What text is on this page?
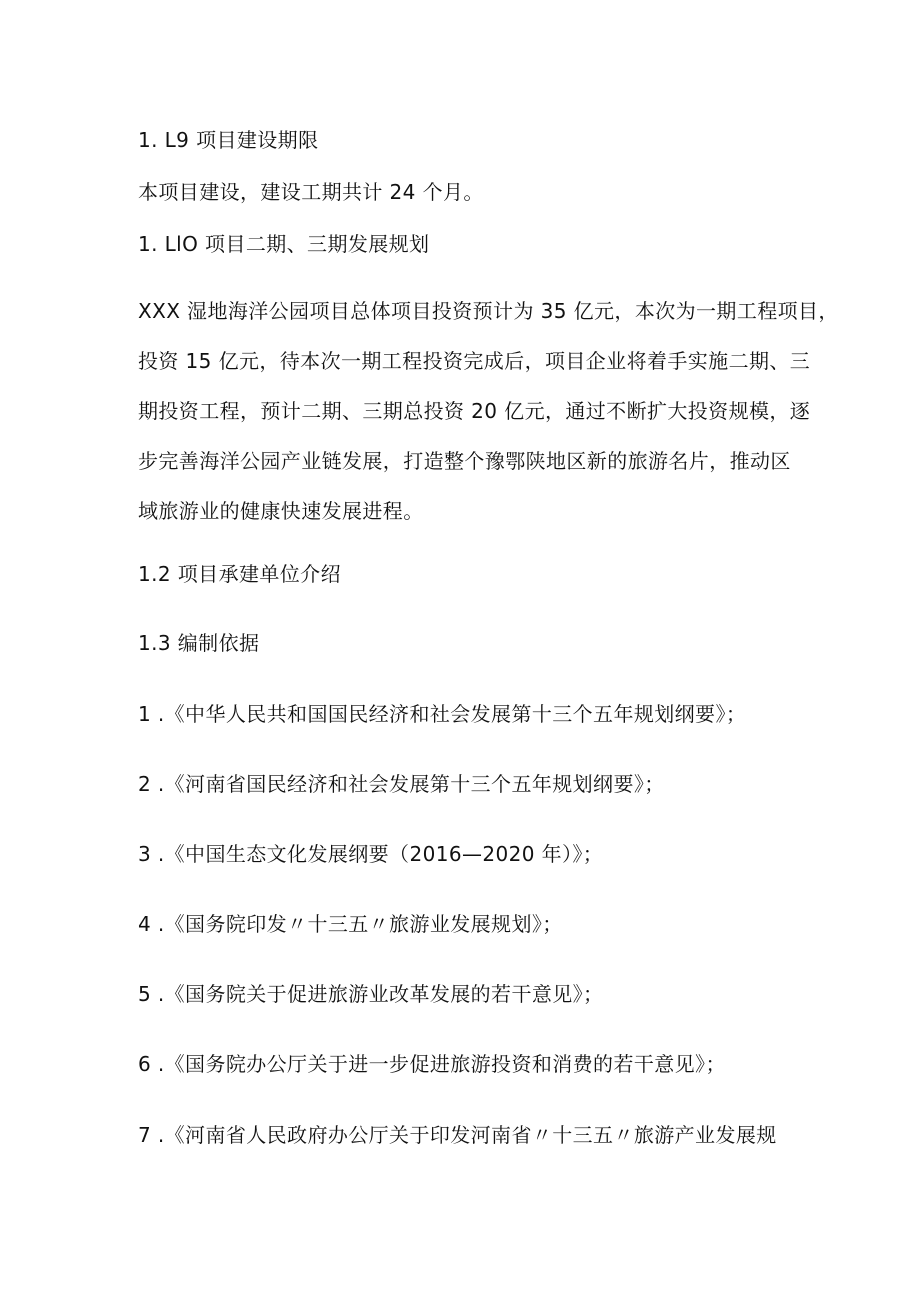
1. L9 项目建设期限

本项目建设，建设工期共计 24 个月。

1. LlO 项目二期、三期发展规划

XXX 湿地海洋公园项目总体项目投资预计为 35 亿元，本次为一期工程项目，
投资 15 亿元，待本次一期工程投资完成后，项目企业将着手实施二期、三
期投资工程，预计二期、三期总投资 20 亿元，通过不断扩大投资规模，逐
步完善海洋公园产业链发展，打造整个豫鄂陕地区新的旅游名片，推动区
域旅游业的健康快速发展进程。

1.2 项目承建单位介绍

1.3 编制依据

1 .《中华人民共和国国民经济和社会发展第十三个五年规划纲要》；

2 .《河南省国民经济和社会发展第十三个五年规划纲要》；

3 .《中国生态文化发展纲要（2016—2020 年）》；

4 .《国务院印发〃十三五〃旅游业发展规划》；

5 .《国务院关于促进旅游业改革发展的若干意见》；

6 .《国务院办公厅关于进一步促进旅游投资和消费的若干意见》；

7 .《河南省人民政府办公厅关于印发河南省〃十三五〃旅游产业发展规
